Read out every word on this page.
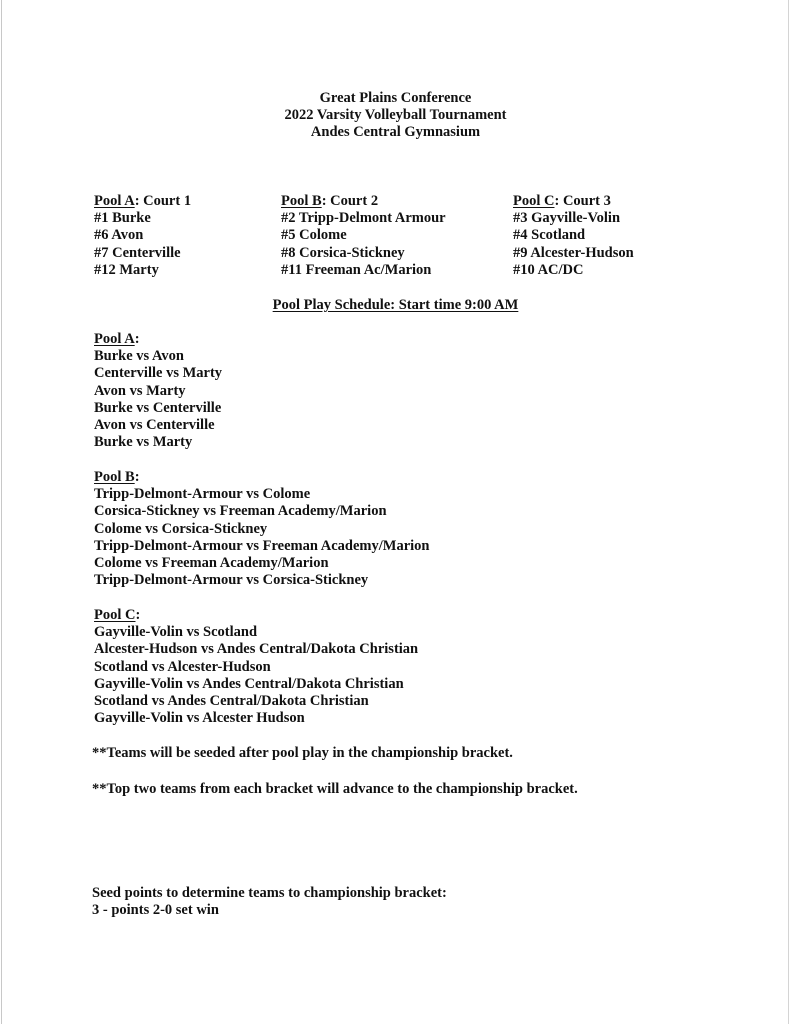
Great Plains Conference
2022 Varsity Volleyball Tournament
Andes Central Gymnasium
Pool A: Court 1
#1 Burke
#6 Avon
#7 Centerville
#12 Marty
Pool B: Court 2
#2 Tripp-Delmont Armour
#5 Colome
#8 Corsica-Stickney
#11 Freeman Ac/Marion
Pool C: Court 3
#3 Gayville-Volin
#4 Scotland
#9 Alcester-Hudson
#10 AC/DC
Pool Play Schedule: Start time 9:00 AM
Pool A:
Burke vs Avon
Centerville vs Marty
Avon vs Marty
Burke vs Centerville
Avon vs Centerville
Burke vs Marty
Pool B:
Tripp-Delmont-Armour vs Colome
Corsica-Stickney vs Freeman Academy/Marion
Colome vs Corsica-Stickney
Tripp-Delmont-Armour vs Freeman Academy/Marion
Colome vs Freeman Academy/Marion
Tripp-Delmont-Armour vs Corsica-Stickney
Pool C:
Gayville-Volin vs Scotland
Alcester-Hudson vs Andes Central/Dakota Christian
Scotland vs Alcester-Hudson
Gayville-Volin vs Andes Central/Dakota Christian
Scotland vs Andes Central/Dakota Christian
Gayville-Volin vs Alcester Hudson
**Teams will be seeded after pool play in the championship bracket.
**Top two teams from each bracket will advance to the championship bracket.
Seed points to determine teams to championship bracket:
3 - points 2-0 set win
